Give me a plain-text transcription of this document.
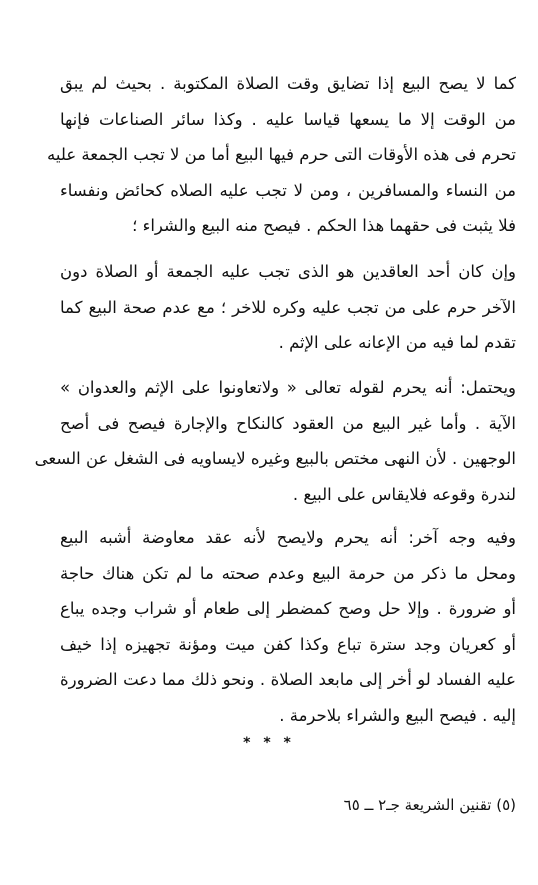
كما لا يصح البيع إذا تضايق وقت الصلاة المكتوبة . بحيث لم يبق
من الوقت إلا ما يسعها قياسا عليه . وكذا سائر الصناعات فإنها
تحرم فى هذه الأوقات التى حرم فيها البيع أما من لا تجب الجمعة عليه
من النساء والمسافرين ، ومن لا تجب عليه الصلاه كحائض ونفساء
فلا يثبت فى حقهما هذا الحكم . فيصح منه البيع والشراء ؛
وإن كان أحد العاقدين هو الذى تجب عليه الجمعة أو الصلاة دون
الآخر حرم على من تجب عليه وكره للاخر ؛ مع عدم صحة البيع كما
تقدم لما فيه من الإعانه على الإثم .
ويحتمل: أنه يحرم لقوله تعالى « ولاتعاونوا على الإثم والعدوان »
الآية . وأما غير البيع من العقود كالنكاح والإجارة فيصح فى أصح
الوجهين . لأن النهى مختص بالبيع وغيره لايساويه فى الشغل عن السعى
لندرة وقوعه فلايقاس على البيع .
وفيه وجه آخر: أنه يحرم ولايصح لأنه عقد معاوضة أشبه البيع
ومحل ما ذكر من حرمة البيع وعدم صحته ما لم تكن هناك حاجة
أو ضرورة . وإلا حل وصح كمضطر إلى طعام أو شراب وجده يباع
أو كعريان وجد سترة تباع وكذا كفن ميت ومؤنة تجهيزه إذا خيف
عليه الفساد لو أخر إلى مابعد الصلاة . ونحو ذلك مما دعت الضرورة
إليه . فيصح البيع والشراء بلاحرمة .
* * *
(٥) تقنين الشريعة جـ٢ ــ ٦٥
